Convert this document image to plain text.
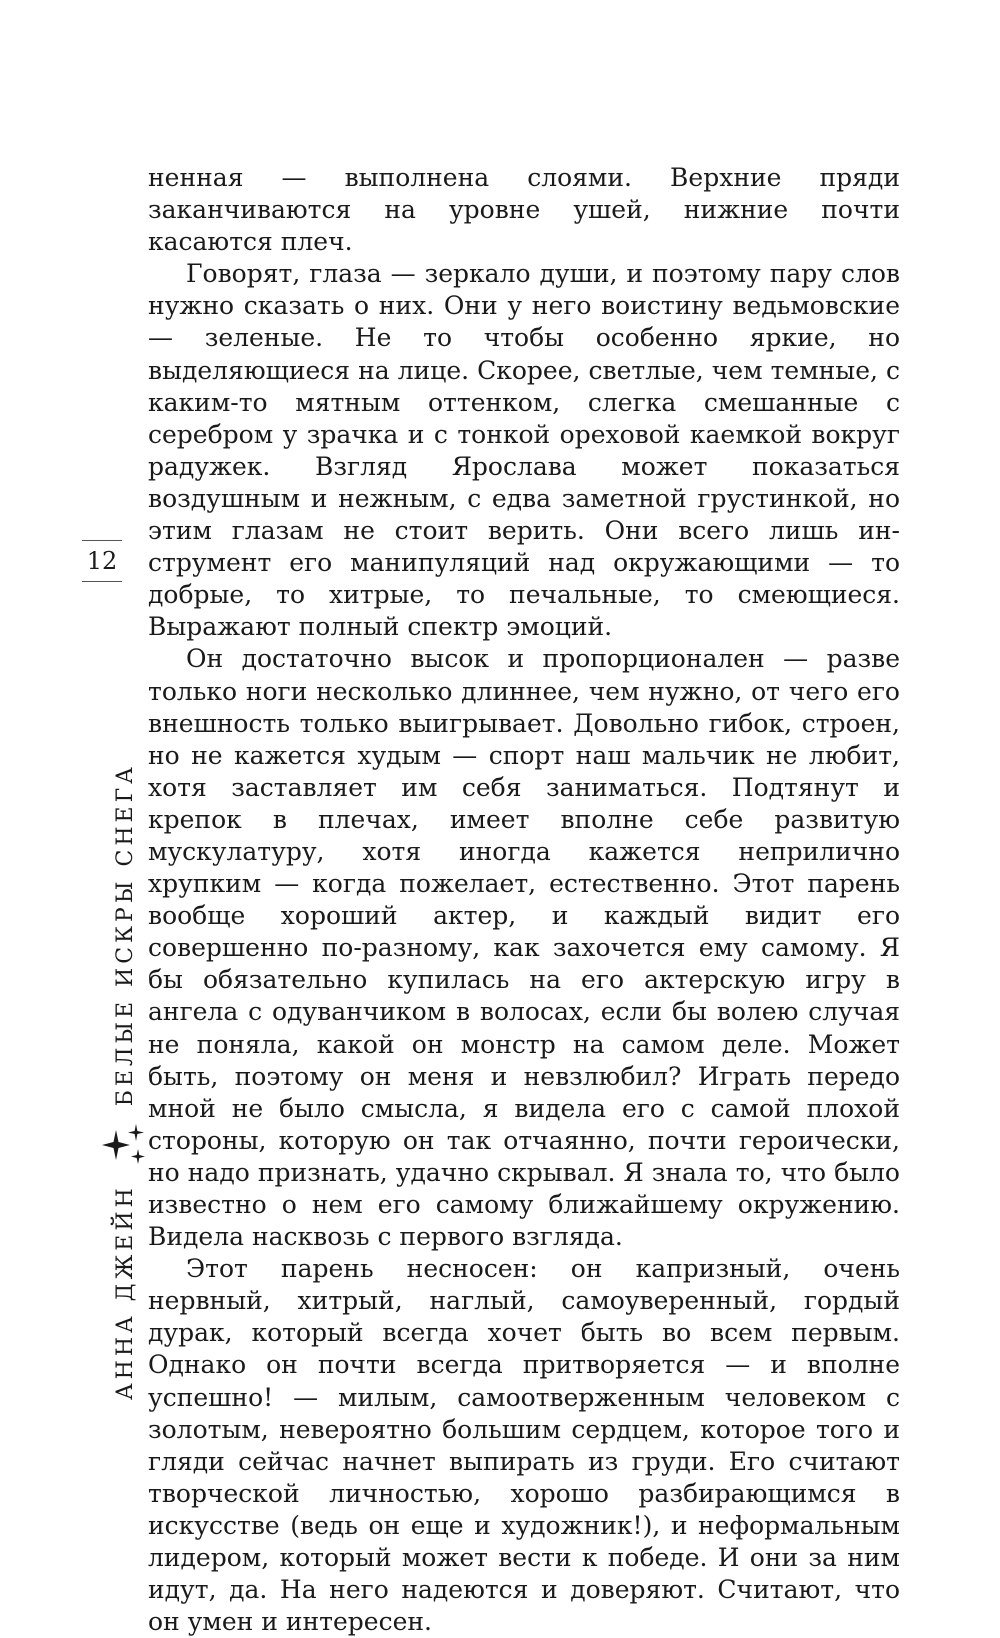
12
АННА ДЖЕЙН
БЕЛЫЕ ИСКРЫ СНЕГА

ненная — выполнена слоями. Верхние пряди заканчиваются на уровне ушей, нижние почти касаются плеч.

Говорят, глаза — зеркало души, и поэтому пару слов нужно сказать о них. Они у него воистину ведьмовские — зеленые. Не то чтобы особенно яркие, но выделяющиеся на лице. Скорее, светлые, чем темные, с каким-то мятным оттенком, слегка смешанные с серебром у зрачка и с тонкой ореховой каемкой вокруг радужек. Взгляд Ярослава может показаться воздушным и нежным, с едва заметной грустинкой, но этим глазам не стоит верить. Они всего лишь инструмент его манипуляций над окружающими — то добрые, то хитрые, то печальные, то смеющиеся. Выражают полный спектр эмоций.

Он достаточно высок и пропорционален — разве только ноги несколько длиннее, чем нужно, от чего его внешность только выигрывает. Довольно гибок, строен, но не кажется худым — спорт наш мальчик не любит, хотя заставляет им себя заниматься. Подтянут и крепок в плечах, имеет вполне себе развитую мускулатуру, хотя иногда кажется неприлично хрупким — когда пожелает, естественно. Этот парень вообще хороший актер, и каждый видит его совершенно по-разному, как захочется ему самому. Я бы обязательно купилась на его актерскую игру в ангела с одуванчиком в волосах, если бы волею случая не поняла, какой он монстр на самом деле. Может быть, поэтому он меня и невзлюбил? Играть передо мной не было смысла, я видела его с самой плохой стороны, которую он так отчаянно, почти героически, но надо признать, удачно скрывал. Я знала то, что было известно о нем его самому ближайшему окружению. Видела насквозь с первого взгляда.

Этот парень несносен: он капризный, очень нервный, хитрый, наглый, самоуверенный, гордый дурак, который всегда хочет быть во всем первым. Однако он почти всегда притворяется — и вполне успешно! — милым, самоотверженным человеком с золотым, невероятно большим сердцем, которое того и гляди сейчас начнет выпирать из груди. Его считают творческой личностью, хорошо разбирающимся в искусстве (ведь он еще и художник!), и неформальным лидером, который может вести к победе. И они за ним идут, да. На него надеются и доверяют. Считают, что он умен и интересен.
